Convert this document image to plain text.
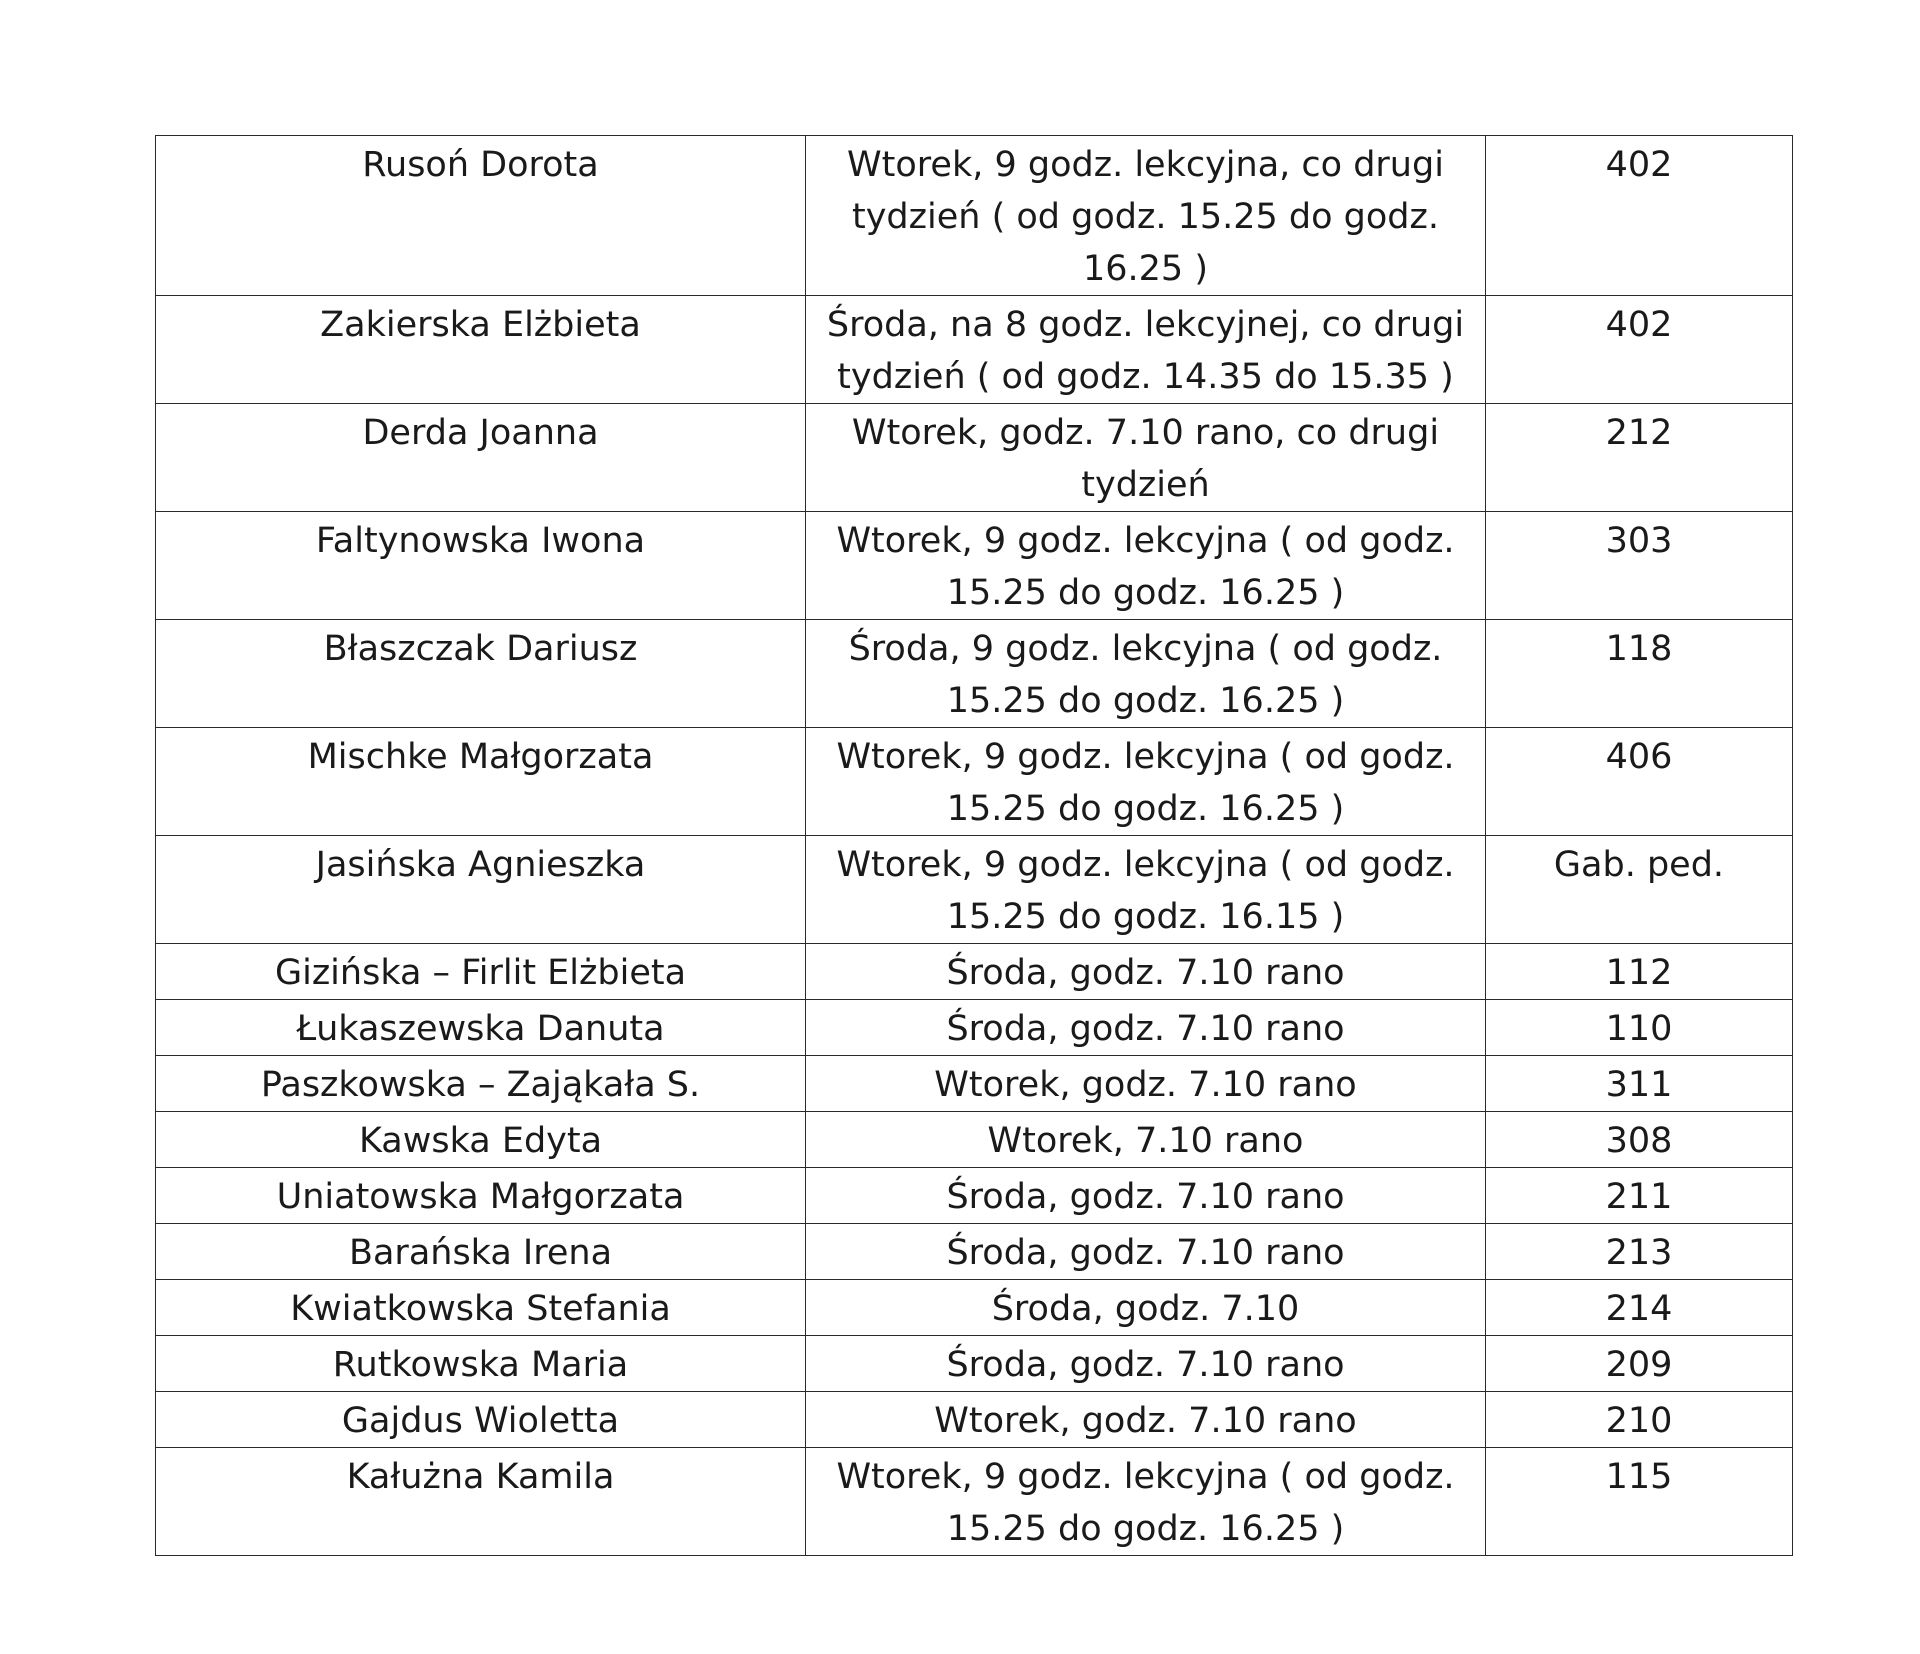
Rusoń Dorota	Wtorek, 9 godz. lekcyjna, co drugi tydzień ( od godz. 15.25 do godz. 16.25 )	402
Zakierska Elżbieta	Środa, na 8 godz. lekcyjnej, co drugi tydzień ( od godz. 14.35 do 15.35 )	402
Derda Joanna	Wtorek, godz. 7.10 rano, co drugi tydzień	212
Faltynowska Iwona	Wtorek, 9 godz. lekcyjna ( od godz. 15.25 do godz. 16.25 )	303
Błaszczak Dariusz	Środa, 9 godz. lekcyjna ( od godz. 15.25 do godz. 16.25 )	118
Mischke Małgorzata	Wtorek, 9 godz. lekcyjna ( od godz. 15.25 do godz. 16.25 )	406
Jasińska Agnieszka	Wtorek, 9 godz. lekcyjna ( od godz. 15.25 do godz. 16.15 )	Gab. ped.
Gizińska – Firlit Elżbieta	Środa, godz. 7.10 rano	112
Łukaszewska Danuta	Środa, godz. 7.10 rano	110
Paszkowska – Zająkała S.	Wtorek, godz. 7.10 rano	311
Kawska Edyta	Wtorek, 7.10 rano	308
Uniatowska Małgorzata	Środa, godz. 7.10 rano	211
Barańska Irena	Środa, godz. 7.10 rano	213
Kwiatkowska Stefania	Środa, godz. 7.10	214
Rutkowska Maria	Środa, godz. 7.10 rano	209
Gajdus Wioletta	Wtorek, godz. 7.10 rano	210
Kałużna Kamila	Wtorek, 9 godz. lekcyjna ( od godz. 15.25 do godz. 16.25 )	115
